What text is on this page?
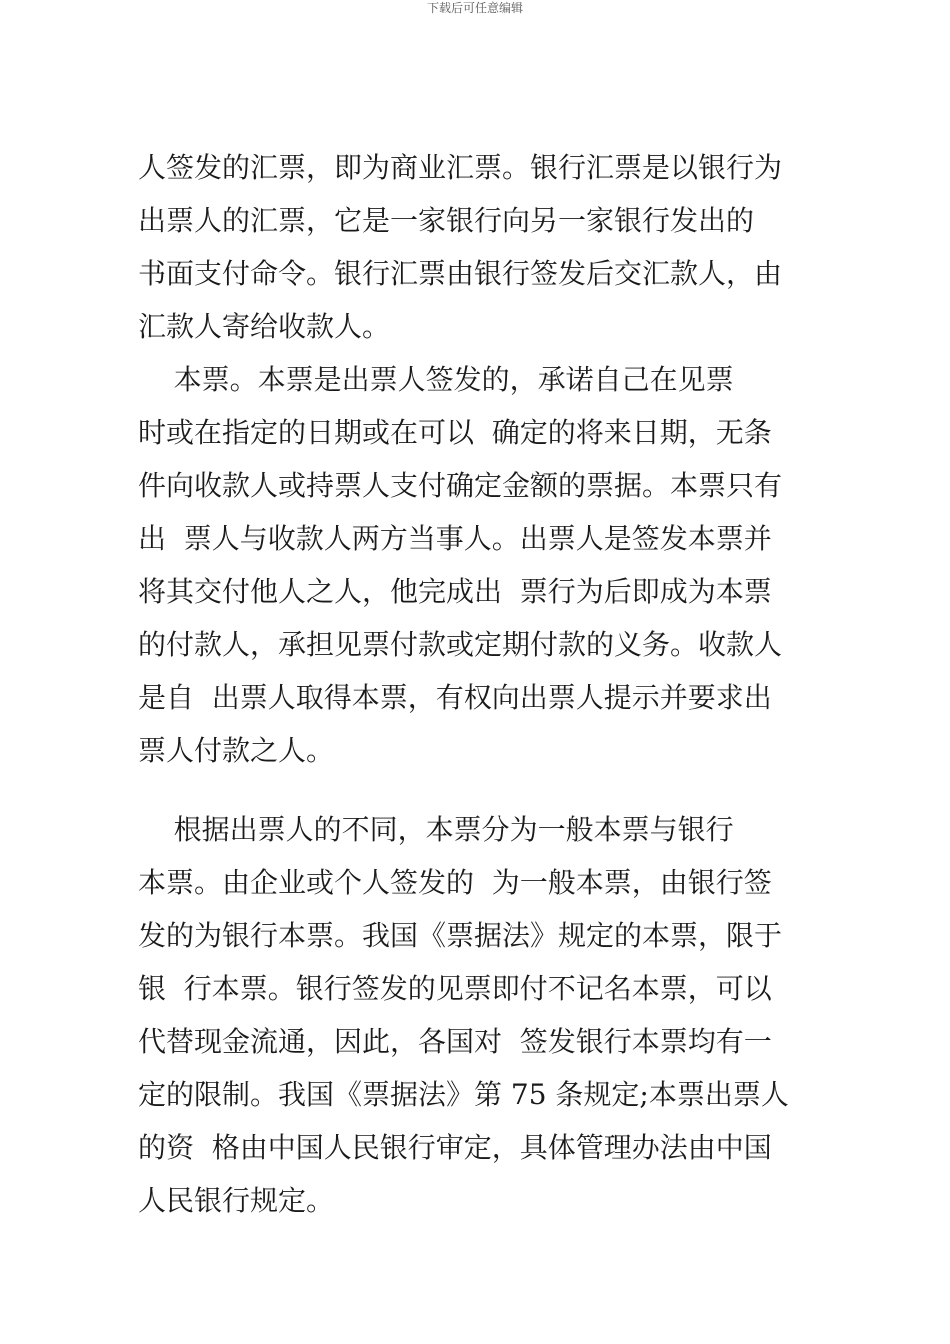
下载后可任意编辑
人签发的汇票，即为商业汇票。银行汇票是以银行为
出票人的汇票，它是一家银行向另一家银行发出的
书面支付命令。银行汇票由银行签发后交汇款人，由
汇款人寄给收款人。
本票。本票是出票人签发的，承诺自己在见票
时或在指定的日期或在可以  确定的将来日期，无条
件向收款人或持票人支付确定金额的票据。本票只有
出  票人与收款人两方当事人。出票人是签发本票并
将其交付他人之人，他完成出  票行为后即成为本票
的付款人，承担见票付款或定期付款的义务。收款人
是自  出票人取得本票，有权向出票人提示并要求出
票人付款之人。
根据出票人的不同，本票分为一般本票与银行
本票。由企业或个人签发的  为一般本票，由银行签
发的为银行本票。我国《票据法》规定的本票，限于
银  行本票。银行签发的见票即付不记名本票，可以
代替现金流通，因此，各国对  签发银行本票均有一
定的限制。我国《票据法》第 75 条规定;本票出票人
的资  格由中国人民银行审定，具体管理办法由中国
人民银行规定。
